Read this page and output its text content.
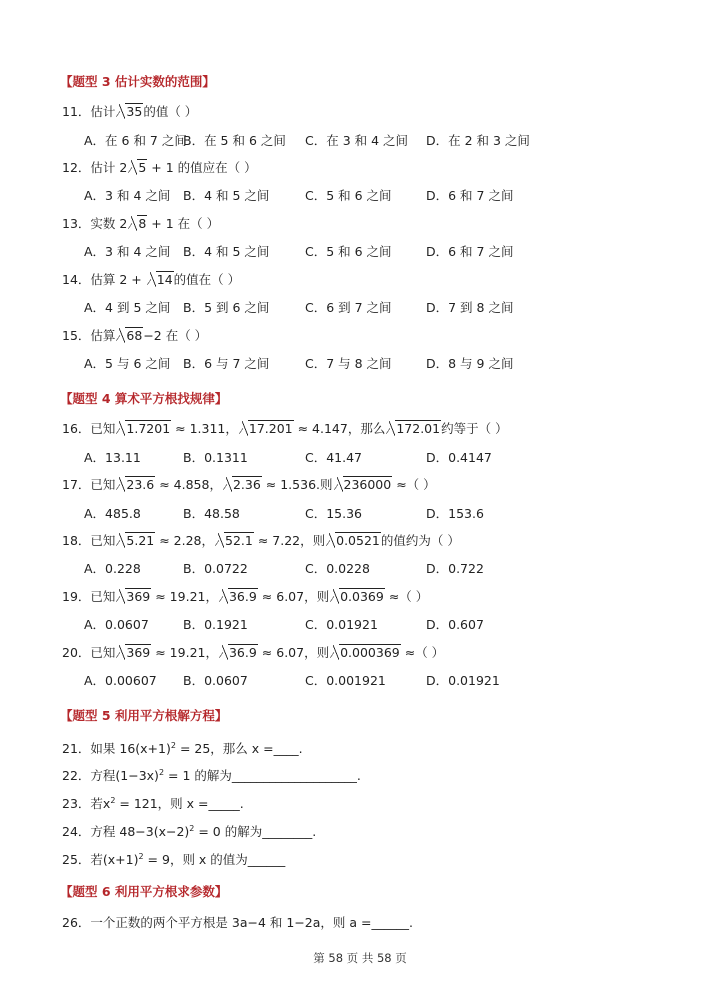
【题型 3 估计实数的范围】
11．估计 35的值（ ）
A．在 6 和 7 之间
B．在 5 和 6 之间 C．在 3 和 4 之间 D．在 2 和 3 之间
12．估计 2 5 + 1 的值应在（ ）
A．3 和 4 之间 B．4 和 5 之间	C．5 和 6 之间	D．6 和 7 之间
13．实数 2 8 + 1 在（ ）
A．3 和 4 之间 B．4 和 5 之间	C．5 和 6 之间	D．6 和 7 之间
14．估算 2 + 14的值在（ ）
A．4 到 5 之间 B．5 到 6 之间	C．6 到 7 之间	D．7 到 8 之间
15．估算 68−2 在（ ）
A．5 与 6 之间 B．6 与 7 之间	C．7 与 8 之间	D．8 与 9 之间
【题型 4 算术平方根找规律】
16．已知 1.7201 ≈ 1.311， 17.201 ≈ 4.147，那么 172.01约等于（ ）
A．13.11	B．0.1311	C．41.47	D．0.4147
17．已知 23.6 ≈ 4.858， 2.36 ≈ 1.536.则 236000 ≈（ ）
A．485.8	B．48.58	C．15.36	D．153.6
18．已知 5.21 ≈ 2.28， 52.1 ≈ 7.22，则 0.0521的值约为（ ）
A．0.228	B．0.0722	C．0.0228	D．0.722
19．已知 369 ≈ 19.21， 36.9 ≈ 6.07，则 0.0369 ≈（ ）
A．0.0607	B．0.1921	C．0.01921	D．0.607
20．已知 369 ≈ 19.21， 36.9 ≈ 6.07，则 0.000369 ≈（ ）
A．0.00607 B．0.0607	C．0.001921	D．0.01921
【题型 5 利用平方根解方程】
21．如果 $16(x+1)^2 = 25$，那么 x =____.
22．方程$(1-3x)^2 = 1$ 的解为____________________.
23．若$x^2 = 121$，则 x =_____.
24．方程 $48-3(x-2)^2 = 0$ 的解为________.
25．若$(x+1)^2 = 9$，则 x 的值为______
【题型 6 利用平方根求参数】
26．一个正数的两个平方根是 3a−4 和 1−2a，则 a =______.
第 58 页 共 58 页
